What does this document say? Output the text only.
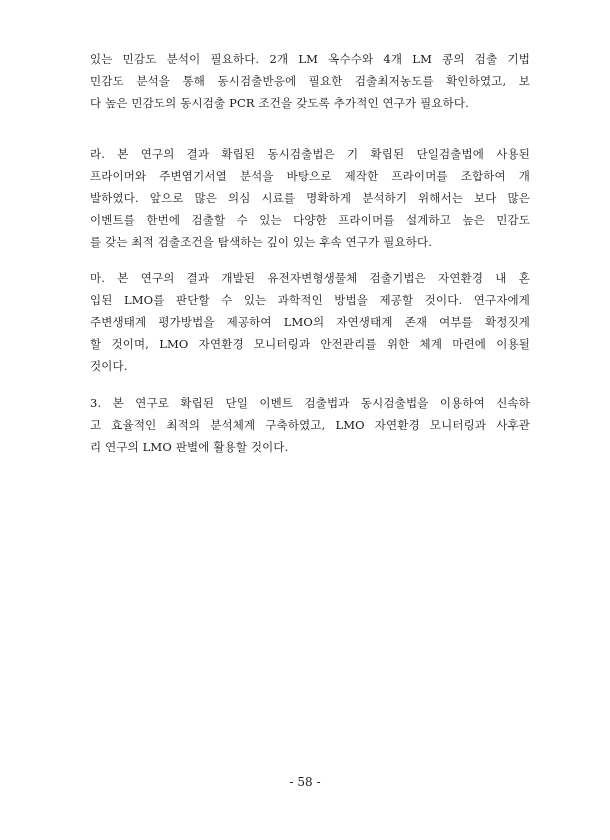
있는 민감도 분석이 필요하다. 2개 LM 옥수수와 4개 LM 콩의 검출 기법
민감도 분석을 통해 동시검출반응에 필요한 검출최저농도를 확인하였고, 보
다 높은 민감도의 동시검출 PCR 조건을 갖도록 추가적인 연구가 필요하다.
라. 본 연구의 결과 확립된 동시검출법은 기 확립된 단일검출법에 사용된
프라이머와 주변염기서열 분석을 바탕으로 제작한 프라이머를 조합하여 개
발하였다. 앞으로 많은 의심 시료를 명확하게 분석하기 위해서는 보다 많은
이벤트를 한번에 검출할 수 있는 다양한 프라이머를 설계하고 높은 민감도
를 갖는 최적 검출조건을 탐색하는 깊이 있는 후속 연구가 필요하다.
마. 본 연구의 결과 개발된 유전자변형생물체 검출기법은 자연환경 내 혼
입된 LMO를 판단할 수 있는 과학적인 방법을 제공할 것이다. 연구자에게
주변생태계 평가방법을 제공하여 LMO의 자연생태계 존재 여부를 확정짓게
할 것이며, LMO 자연환경 모니터링과 안전관리를 위한 체계 마련에 이용될
것이다.
3. 본 연구로 확립된 단일 이벤트 검출법과 동시검출법을 이용하여 신속하
고 효율적인 최적의 분석체계 구축하였고, LMO 자연환경 모니터링과 사후관
리 연구의 LMO 판별에 활용할 것이다.
- 58 -
